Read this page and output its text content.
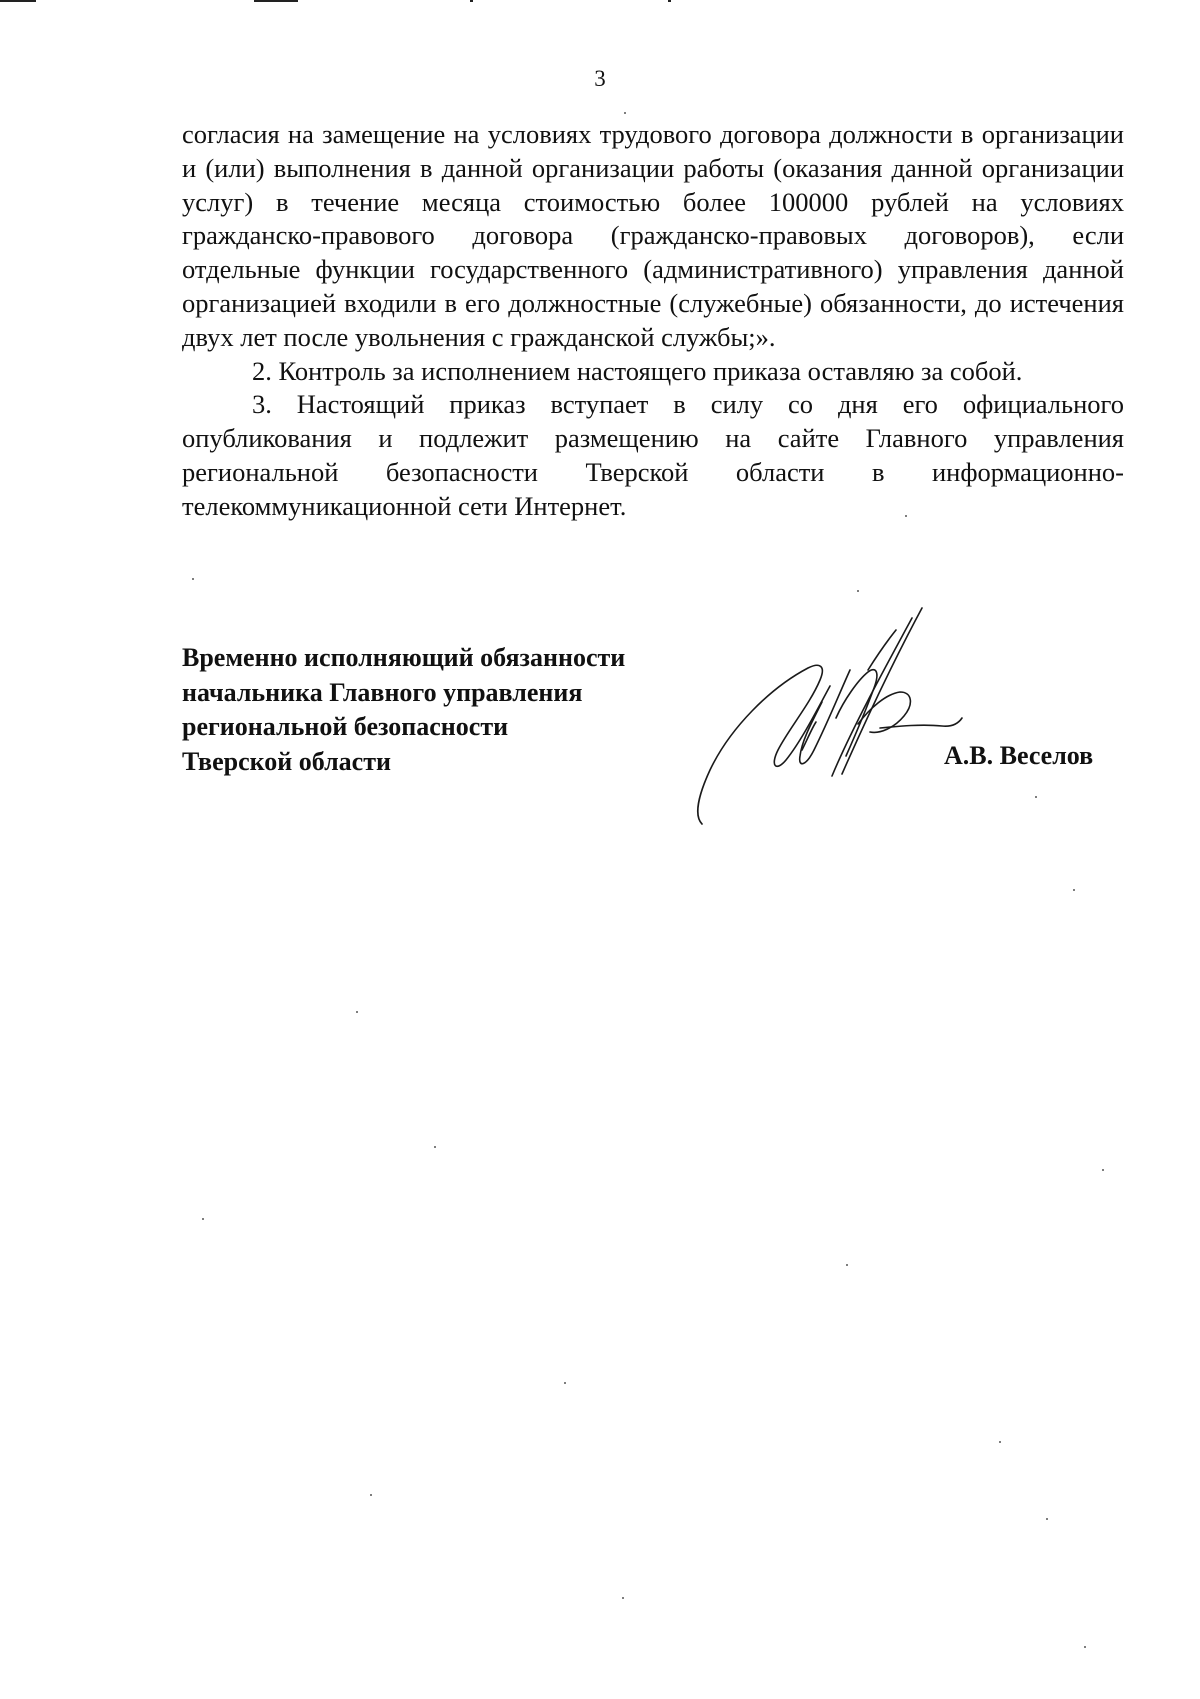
3

согласия на замещение на условиях трудового договора должности в организации и (или) выполнения в данной организации работы (оказания данной организации услуг) в течение месяца стоимостью более 100000 рублей на условиях гражданско-правового договора (гражданско-правовых договоров), если отдельные функции государственного (административного) управления данной организацией входили в его должностные (служебные) обязанности, до истечения двух лет после увольнения с гражданской службы;».

2. Контроль за исполнением настоящего приказа оставляю за собой.

3. Настоящий приказ вступает в силу со дня его официального опубликования и подлежит размещению на сайте Главного управления региональной безопасности Тверской области в информационно-телекоммуникационной сети Интернет.

Временно исполняющий обязанности
начальника Главного управления
региональной безопасности
Тверской области	А.В. Веселов
